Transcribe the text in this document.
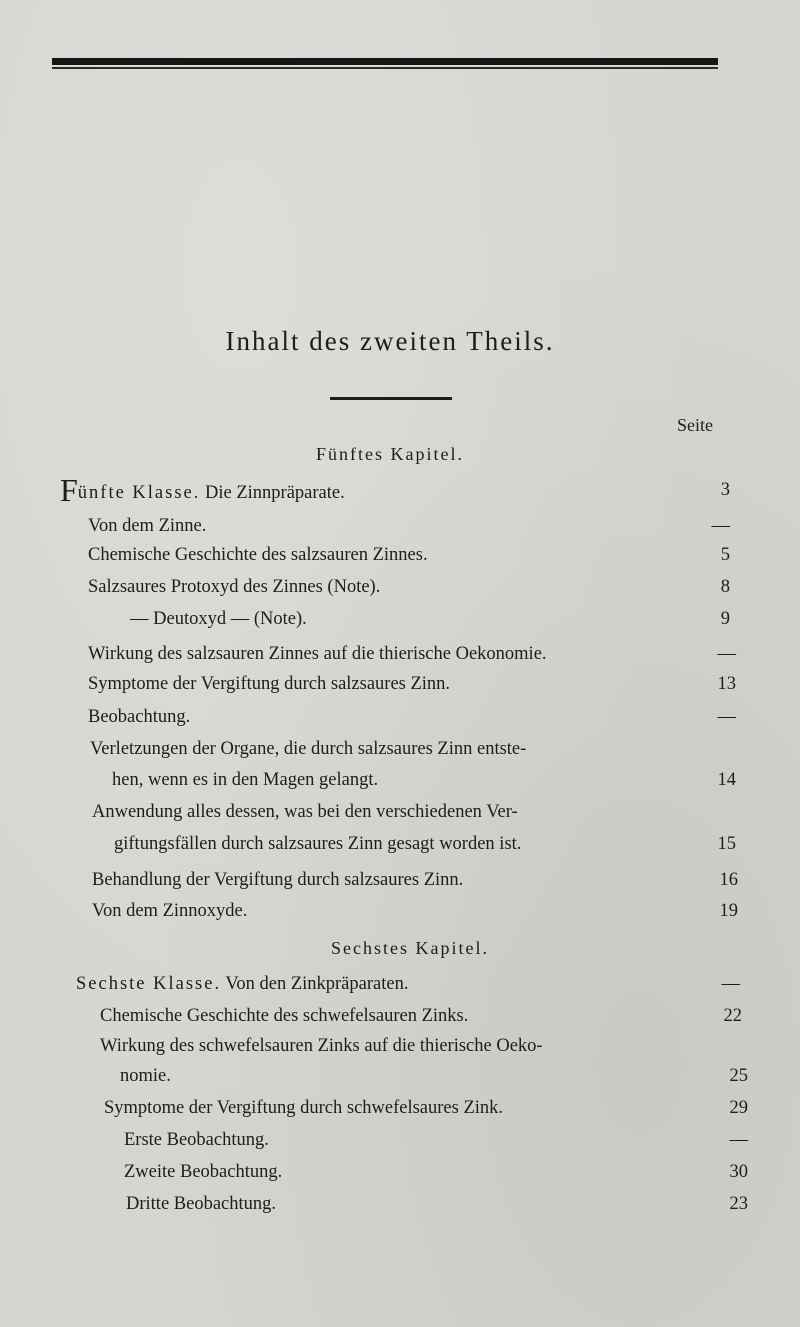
Inhalt des zweiten Theils.
Seite
Fünftes Kapitel.
Fünfte Klasse. Die Zinnpräparate.	3
Von dem Zinne.	—
Chemische Geschichte des salzsauren Zinnes.	5
Salzsaures Protoxyd des Zinnes (Note).	8
— Deutoxyd — (Note).	9
Wirkung des salzsauren Zinnes auf die thierische Oekonomie.	—
Symptome der Vergiftung durch salzsaures Zinn.	13
Beobachtung.	—
Verletzungen der Organe, die durch salzsaures Zinn entste-
hen, wenn es in den Magen gelangt.	14
Anwendung alles dessen, was bei den verschiedenen Ver-
giftungsfällen durch salzsaures Zinn gesagt worden ist.	15
Behandlung der Vergiftung durch salzsaures Zinn.	16
Von dem Zinnoxyde.	19
Sechstes Kapitel.
Sechste Klasse. Von den Zinkpräparaten.	—
Chemische Geschichte des schwefelsauren Zinks.	22
Wirkung des schwefelsauren Zinks auf die thierische Oeko-
nomie.	25
Symptome der Vergiftung durch schwefelsaures Zink.	29
Erste Beobachtung.	—
Zweite Beobachtung.	30
Dritte Beobachtung.	23
